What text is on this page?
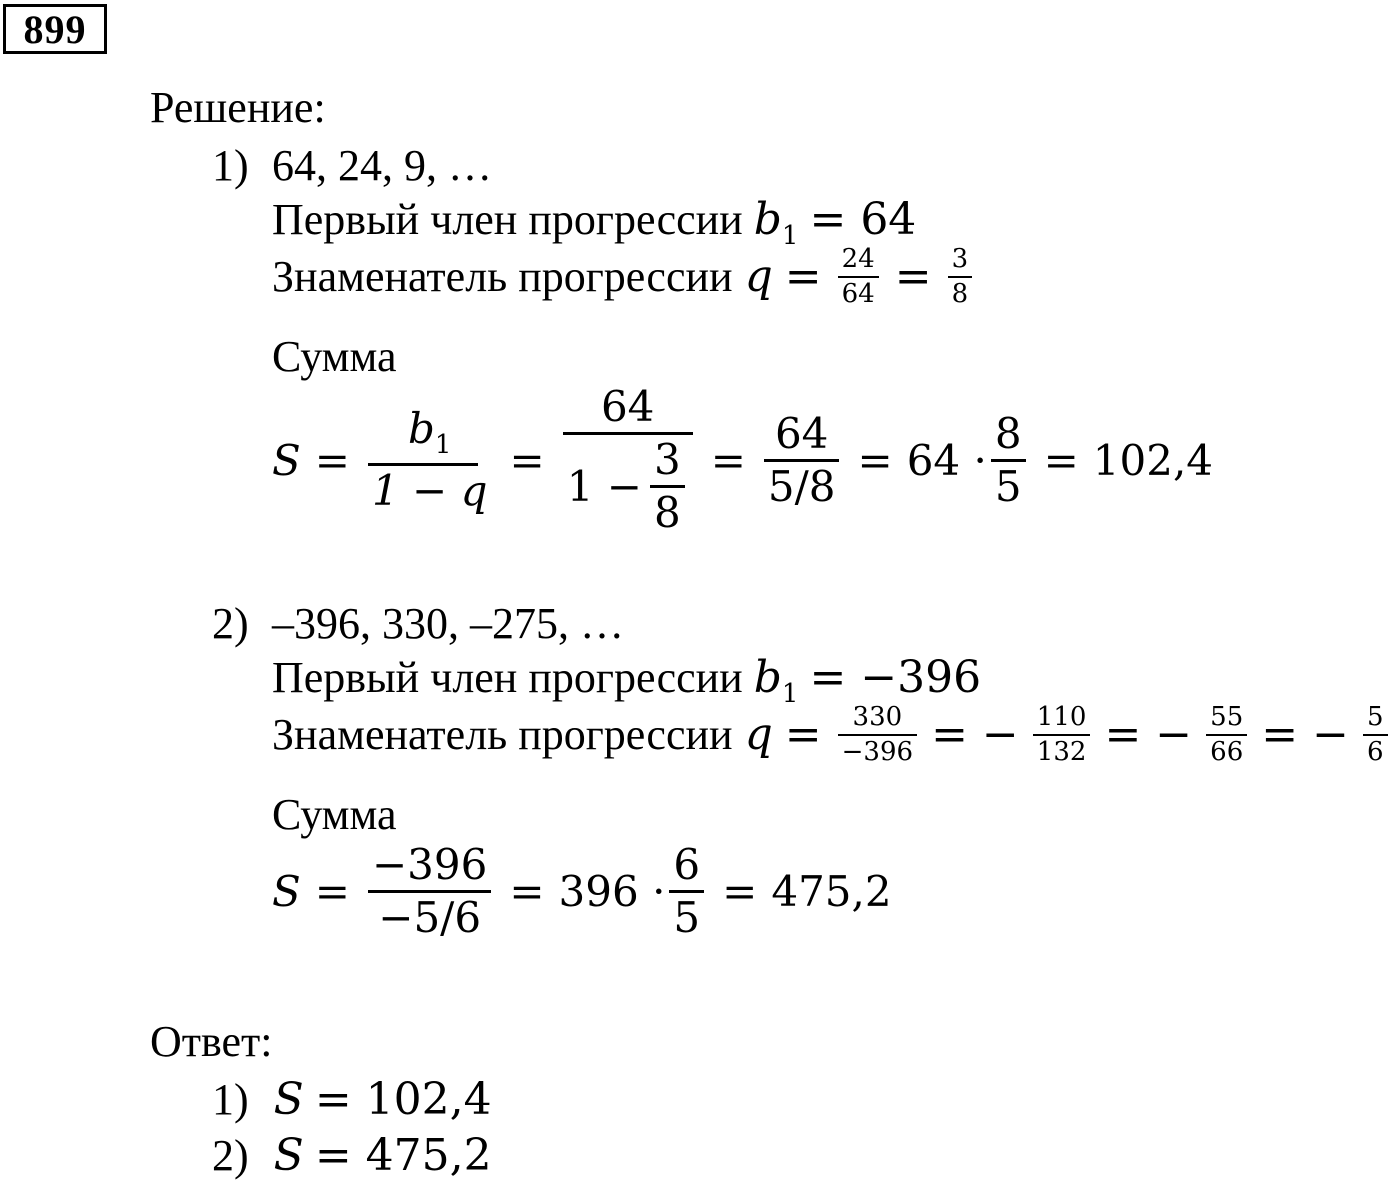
899
Решение:
1) 64, 24, 9, …
Первый член прогрессии $b_1 = 64$
Знаменатель прогрессии $q = \frac{24}{64} = \frac{3}{8}$
Сумма
$S = \frac{b_1}{1 - q} = \frac{64}{1 - \frac{3}{8}} = \frac{64}{5/8} = 64 \cdot \frac{8}{5} = 102,4$
2) –396, 330, –275, …
Первый член прогрессии $b_1 = -396$
Знаменатель прогрессии $q = \frac{330}{-396}$ = − $\frac{110}{132}$ = − $\frac{55}{66}$ = − $\frac{5}{6}$
Сумма
$S = \frac{-396}{-5/6} = 396 \cdot \frac{6}{5} = 475,2$
Ответ:
1) S = 102,4
2) S = 475,2
